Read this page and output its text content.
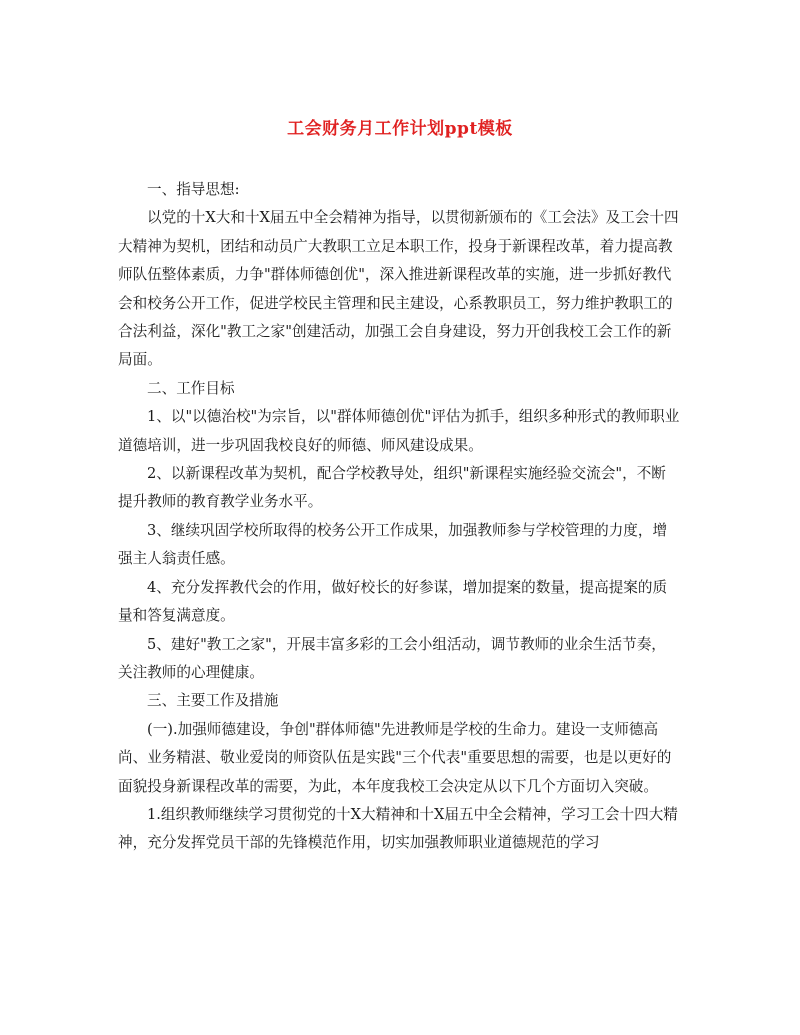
工会财务月工作计划ppt模板

一、指导思想:

以党的十X大和十X届五中全会精神为指导，以贯彻新颁布的《工会法》及工会十四大精神为契机，团结和动员广大教职工立足本职工作，投身于新课程改革，着力提高教师队伍整体素质，力争"群体师德创优"，深入推进新课程改革的实施，进一步抓好教代会和校务公开工作，促进学校民主管理和民主建设，心系教职员工，努力维护教职工的合法利益，深化"教工之家"创建活动，加强工会自身建设，努力开创我校工会工作的新局面。

二、工作目标

1、以"以德治校"为宗旨，以"群体师德创优"评估为抓手，组织多种形式的教师职业道德培训，进一步巩固我校良好的师德、师风建设成果。

2、以新课程改革为契机，配合学校教导处，组织"新课程实施经验交流会"，不断提升教师的教育教学业务水平。

3、继续巩固学校所取得的校务公开工作成果，加强教师参与学校管理的力度，增强主人翁责任感。

4、充分发挥教代会的作用，做好校长的好参谋，增加提案的数量，提高提案的质量和答复满意度。

5、建好"教工之家"，开展丰富多彩的工会小组活动，调节教师的业余生活节奏，关注教师的心理健康。

三、主要工作及措施

(一).加强师德建设，争创"群体师德"先进教师是学校的生命力。建设一支师德高尚、业务精湛、敬业爱岗的师资队伍是实践"三个代表"重要思想的需要，也是以更好的面貌投身新课程改革的需要，为此，本年度我校工会决定从以下几个方面切入突破。

1.组织教师继续学习贯彻党的十X大精神和十X届五中全会精神，学习工会十四大精神，充分发挥党员干部的先锋模范作用，切实加强教师职业道德规范的学习
